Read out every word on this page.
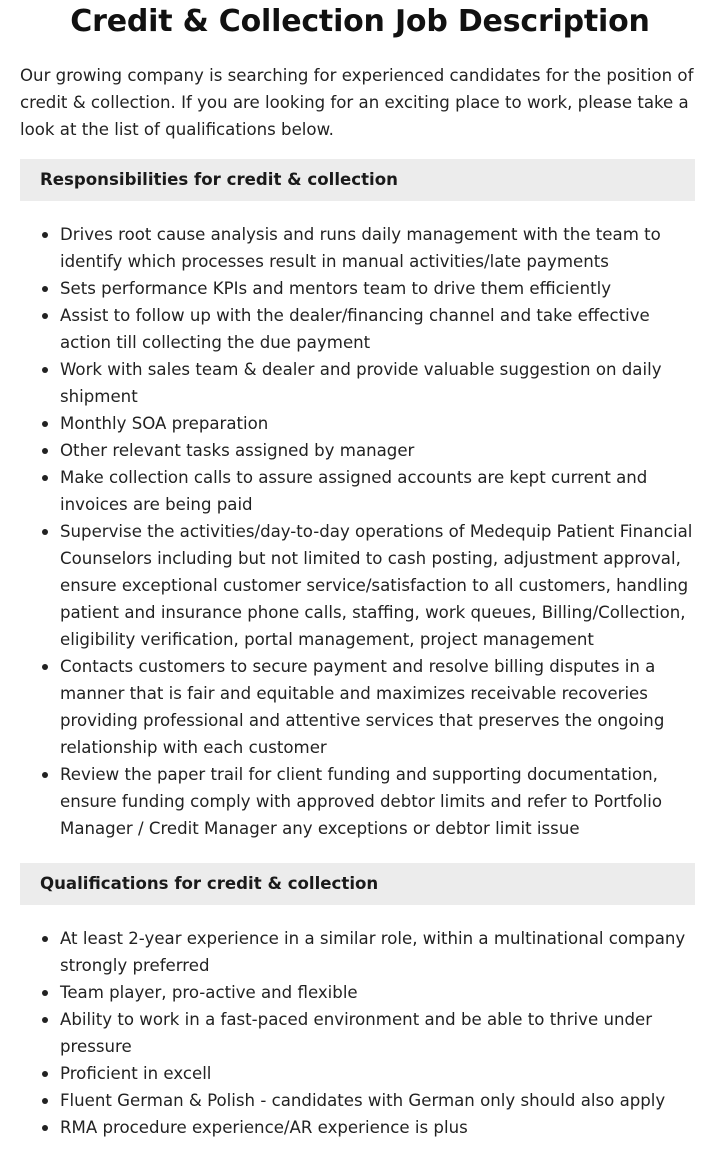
Credit & Collection Job Description

Our growing company is searching for experienced candidates for the position of credit & collection. If you are looking for an exciting place to work, please take a look at the list of qualifications below.

Responsibilities for credit & collection
Drives root cause analysis and runs daily management with the team to identify which processes result in manual activities/late payments
Sets performance KPIs and mentors team to drive them efficiently
Assist to follow up with the dealer/financing channel and take effective action till collecting the due payment
Work with sales team & dealer and provide valuable suggestion on daily shipment
Monthly SOA preparation
Other relevant tasks assigned by manager
Make collection calls to assure assigned accounts are kept current and invoices are being paid
Supervise the activities/day-to-day operations of Medequip Patient Financial Counselors including but not limited to cash posting, adjustment approval, ensure exceptional customer service/satisfaction to all customers, handling patient and insurance phone calls, staffing, work queues, Billing/Collection, eligibility verification, portal management, project management
Contacts customers to secure payment and resolve billing disputes in a manner that is fair and equitable and maximizes receivable recoveries providing professional and attentive services that preserves the ongoing relationship with each customer
Review the paper trail for client funding and supporting documentation, ensure funding comply with approved debtor limits and refer to Portfolio Manager / Credit Manager any exceptions or debtor limit issue
Qualifications for credit & collection
At least 2-year experience in a similar role, within a multinational company strongly preferred
Team player, pro-active and flexible
Ability to work in a fast-paced environment and be able to thrive under pressure
Proficient in excell
Fluent German & Polish - candidates with German only should also apply
RMA procedure experience/AR experience is plus
